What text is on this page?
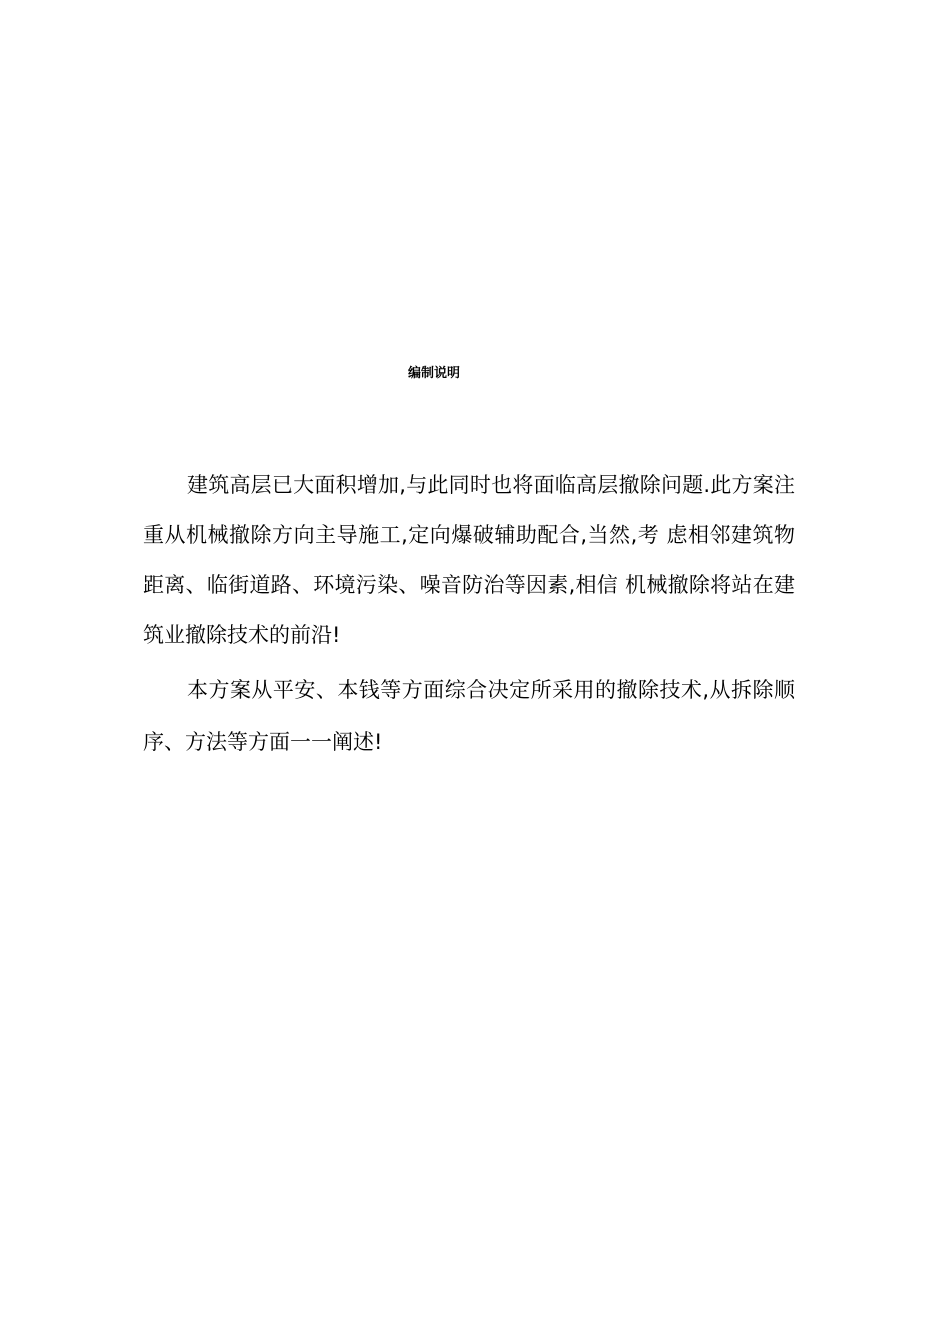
编制说明

建筑高层已大面积增加,与此同时也将面临高层撤除问题.此方案注重从机械撤除方向主导施工,定向爆破辅助配合,当然,考 虑相邻建筑物距离、临街道路、环境污染、噪音防治等因素,相信 机械撤除将站在建筑业撤除技术的前沿!

本方案从平安、本钱等方面综合决定所采用的撤除技术,从拆除顺序、方法等方面一一阐述!
